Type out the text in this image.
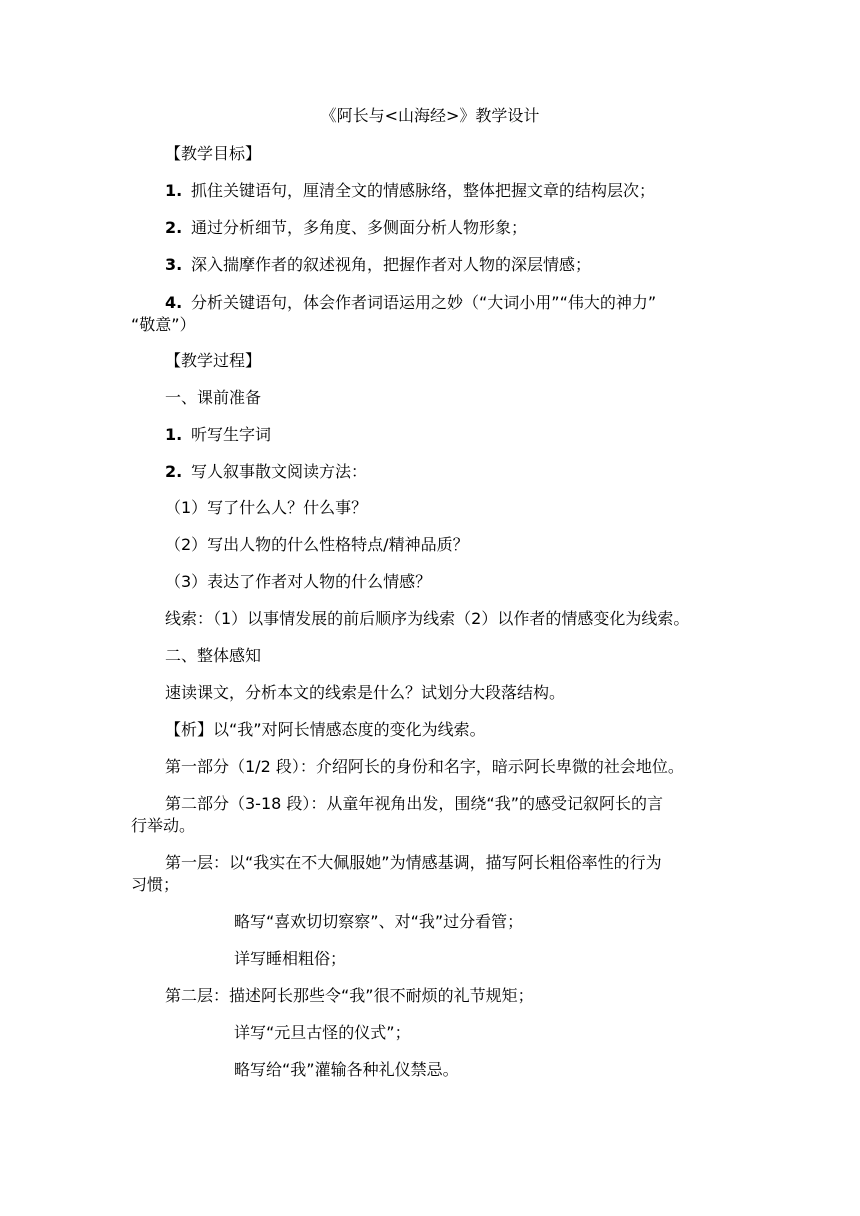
《阿长与<山海经>》教学设计
【教学目标】
1. 抓住关键语句，厘清全文的情感脉络，整体把握文章的结构层次；
2. 通过分析细节，多角度、多侧面分析人物形象；
3. 深入揣摩作者的叙述视角，把握作者对人物的深层情感；
4. 分析关键语句，体会作者词语运用之妙（“大词小用”“伟大的神力”
“敬意”）
【教学过程】
一、课前准备
1. 听写生字词
2. 写人叙事散文阅读方法：
（1）写了什么人？什么事？
（2）写出人物的什么性格特点/精神品质？
（3）表达了作者对人物的什么情感？
线索：（1）以事情发展的前后顺序为线索（2）以作者的情感变化为线索。
二、整体感知
速读课文，分析本文的线索是什么？试划分大段落结构。
【析】以“我”对阿长情感态度的变化为线索。
第一部分（1/2 段）：介绍阿长的身份和名字，暗示阿长卑微的社会地位。
第二部分（3-18 段）：从童年视角出发，围绕“我”的感受记叙阿长的言
行举动。
第一层：以“我实在不大佩服她”为情感基调，描写阿长粗俗率性的行为
习惯；
略写“喜欢切切察察”、对“我”过分看管；
详写睡相粗俗；
第二层：描述阿长那些令“我”很不耐烦的礼节规矩；
详写“元旦古怪的仪式”；
略写给“我”灌输各种礼仪禁忌。
